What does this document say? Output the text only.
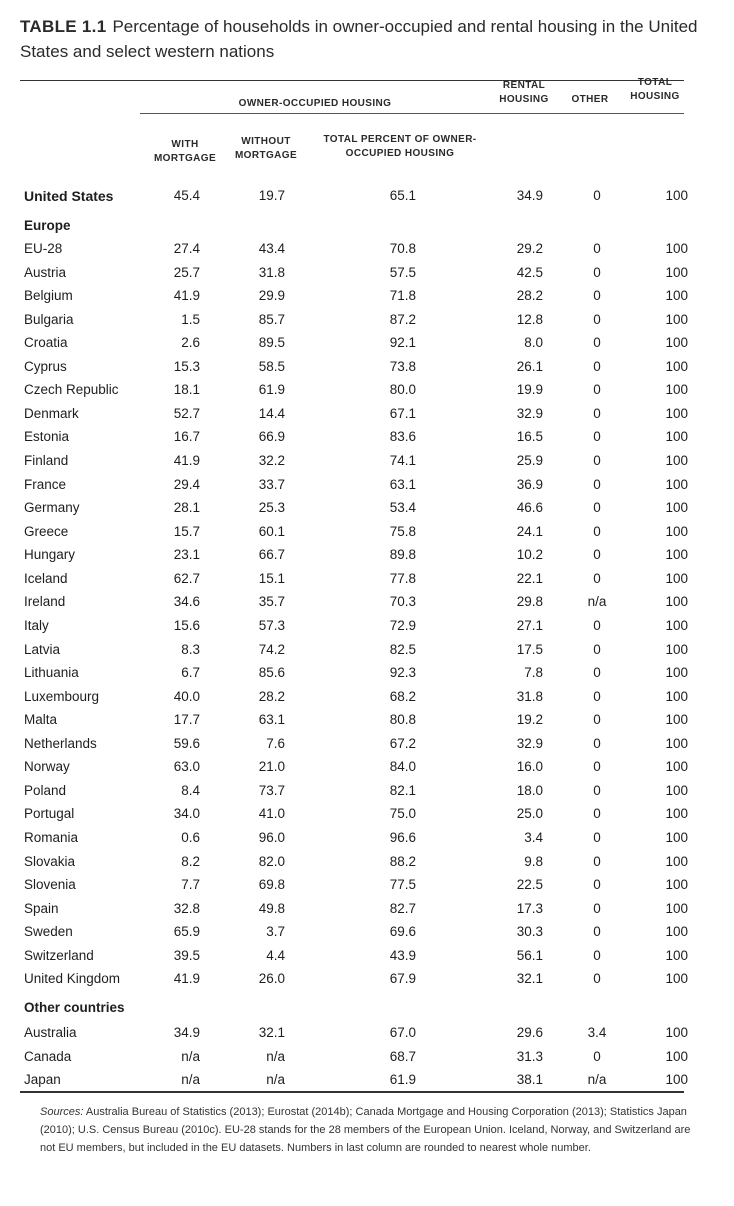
TABLE 1.1 Percentage of households in owner-occupied and rental housing in the United States and select western nations
OWNER-OCCUPIED HOUSING
RENTAL HOUSING	OTHER
TOTAL HOUSING
WITH MORTGAGE
WITHOUT MORTGAGE
TOTAL PERCENT OF OWNER-OCCUPIED HOUSING
United States	45.4	19.7	65.1	34.9	0	100
Europe
EU-28	27.4	43.4	70.8	29.2	0	100
Austria	25.7	31.8	57.5	42.5	0	100
Belgium	41.9	29.9	71.8	28.2	0	100
Bulgaria	1.5	85.7	87.2	12.8	0	100
Croatia	2.6	89.5	92.1	8.0	0	100
Cyprus	15.3	58.5	73.8	26.1	0	100
Czech Republic	18.1	61.9	80.0	19.9	0	100
Denmark	52.7	14.4	67.1	32.9	0	100
Estonia	16.7	66.9	83.6	16.5	0	100
Finland	41.9	32.2	74.1	25.9	0	100
France	29.4	33.7	63.1	36.9	0	100
Germany	28.1	25.3	53.4	46.6	0	100
Greece	15.7	60.1	75.8	24.1	0	100
Hungary	23.1	66.7	89.8	10.2	0	100
Iceland	62.7	15.1	77.8	22.1	0	100
Ireland	34.6	35.7	70.3	29.8	n/a	100
Italy	15.6	57.3	72.9	27.1	0	100
Latvia	8.3	74.2	82.5	17.5	0	100
Lithuania	6.7	85.6	92.3	7.8	0	100
Luxembourg	40.0	28.2	68.2	31.8	0	100
Malta	17.7	63.1	80.8	19.2	0	100
Netherlands	59.6	7.6	67.2	32.9	0	100
Norway	63.0	21.0	84.0	16.0	0	100
Poland	8.4	73.7	82.1	18.0	0	100
Portugal	34.0	41.0	75.0	25.0	0	100
Romania	0.6	96.0	96.6	3.4	0	100
Slovakia	8.2	82.0	88.2	9.8	0	100
Slovenia	7.7	69.8	77.5	22.5	0	100
Spain	32.8	49.8	82.7	17.3	0	100
Sweden	65.9	3.7	69.6	30.3	0	100
Switzerland	39.5	4.4	43.9	56.1	0	100
United Kingdom	41.9	26.0	67.9	32.1	0	100
Other countries
Australia	34.9	32.1	67.0	29.6	3.4	100
Canada	n/a	n/a	68.7	31.3	0	100
Japan	n/a	n/a	61.9	38.1	n/a	100
Sources: Australia Bureau of Statistics (2013); Eurostat (2014b); Canada Mortgage and Housing Corporation (2013); Statistics Japan (2010); U.S. Census Bureau (2010c). EU-28 stands for the 28 members of the European Union. Iceland, Norway, and Switzerland are not EU members, but included in the EU datasets. Numbers in last column are rounded to nearest whole number.
